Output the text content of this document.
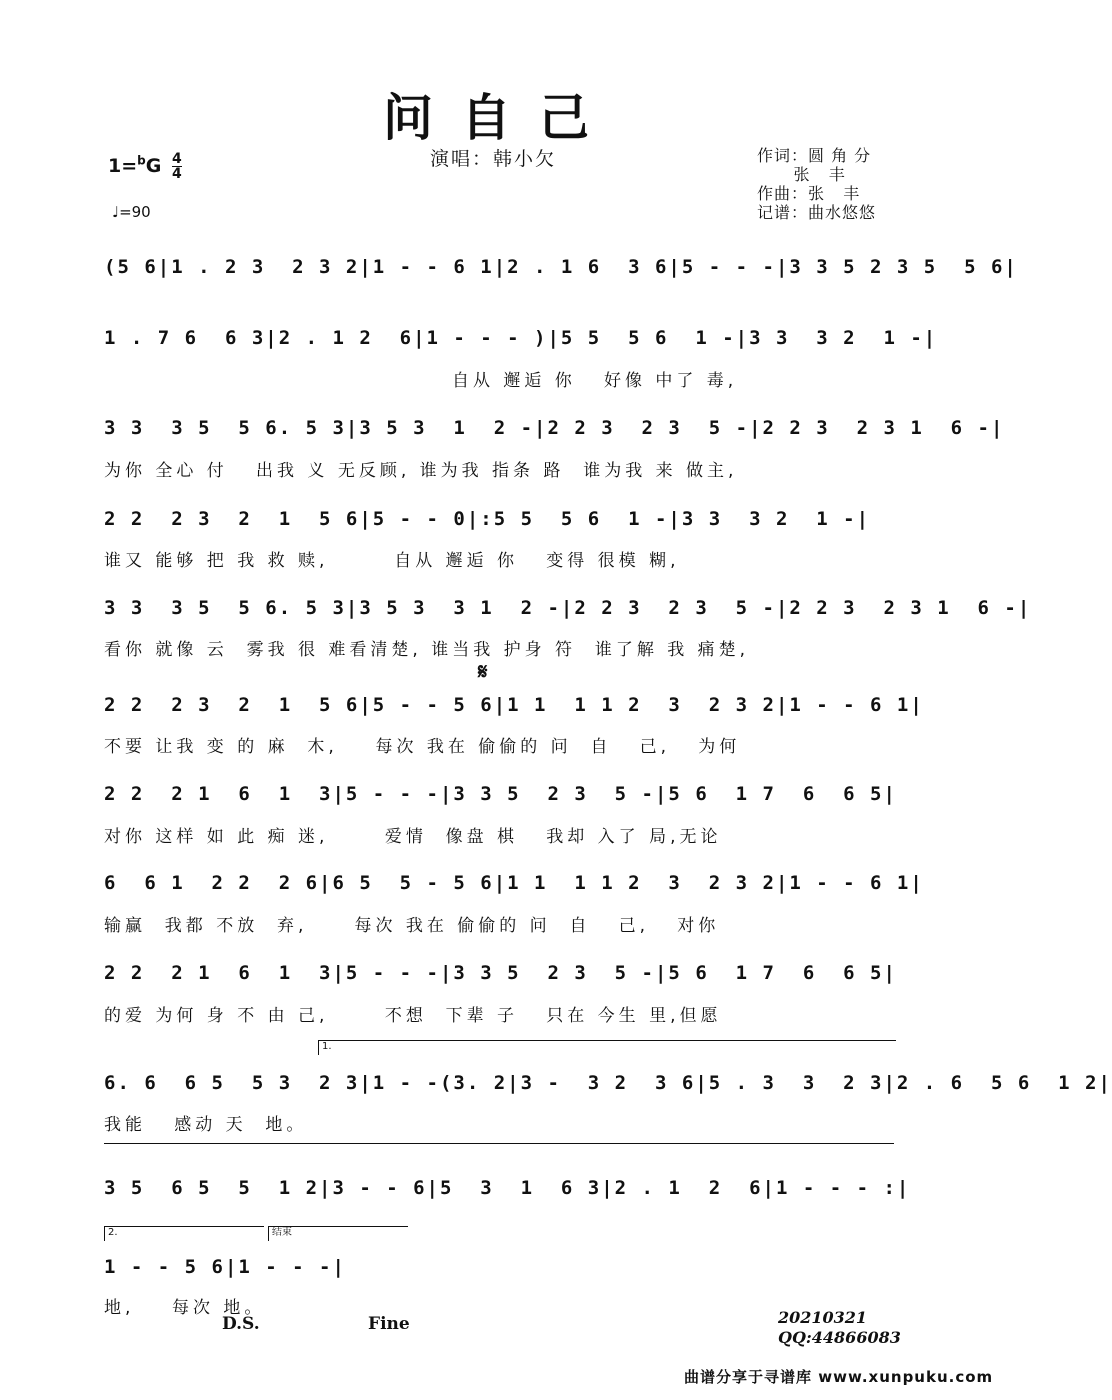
问自己
演唱：韩小欠
$1=^bG \frac{4}{4}$
♩=90
作词：圆 角 分
张   丰
作曲：张   丰
记谱：曲水悠悠
(5 6|1 . 2 3  2 3 2|1 - - 6 1|2 . 1 6  3 6|5 - - -|3 3 5 2 3 5  5 6|
1 . 7 6  6 3|2 . 1 2  6|1 - - - )|5 5  5 6  1 -|3 3  3 2  1 -|
自从 邂逅 你   好像 中了 毒,
3 3  3 5  5 6. 5 3|3 5 3  1  2 -|2 2 3  2 3  5 -|2 2 3  2 3 1  6 -|
为你 全心 付   出我 义 无反顾, 谁为我 指条 路  谁为我 来 做主,
2 2  2 3  2  1  5 6|5 - - 0|:5 5  5 6  1 -|3 3  3 2  1 -|
谁又 能够 把 我 救 赎,       自从 邂逅 你   变得 很模 糊,
3 3  3 5  5 6. 5 3|3 5 3  3 1  2 -|2 2 3  2 3  5 -|2 2 3  2 3 1  6 -|
看你 就像 云  雾我 很 难看清楚, 谁当我 护身 符  谁了解 我 痛楚,
𝄋
2 2  2 3  2  1  5 6|5 - - 5 6|1 1  1 1 2  3  2 3 2|1 - - 6 1|
不要 让我 变 的 麻  木,    每次 我在 偷偷的 问  自   己,   为何
2 2  2 1  6  1  3|5 - - -|3 3 5  2 3  5 -|5 6  1 7  6  6 5|
对你 这样 如 此 痴 迷,      爱情  像盘 棋   我却 入了 局,无论
6  6 1  2 2  2 6|6 5  5 - 5 6|1 1  1 1 2  3  2 3 2|1 - - 6 1|
输赢  我都 不放  弃,     每次 我在 偷偷的 问  自   己,   对你
2 2  2 1  6  1  3|5 - - -|3 3 5  2 3  5 -|5 6  1 7  6  6 5|
的爱 为何 身 不 由 己,      不想  下辈 子   只在 今生 里,但愿
1.
6. 6  6 5  5 3  2 3|1 - -(3. 2|3 -  3 2  3 6|5 . 3  3  2 3|2 . 6  5 6  1 2|
我能   感动 天  地。
3 5  6 5  5  1 2|3 - - 6|5  3  1  6 3|2 . 1  2  6|1 - - - :|
2.	结束
1 - - 5 6|1 - - -|
地,    每次 地。
D.S.	Fine	20210321
QQ:44866083
曲谱分享于寻谱库 www.xunpuku.com
